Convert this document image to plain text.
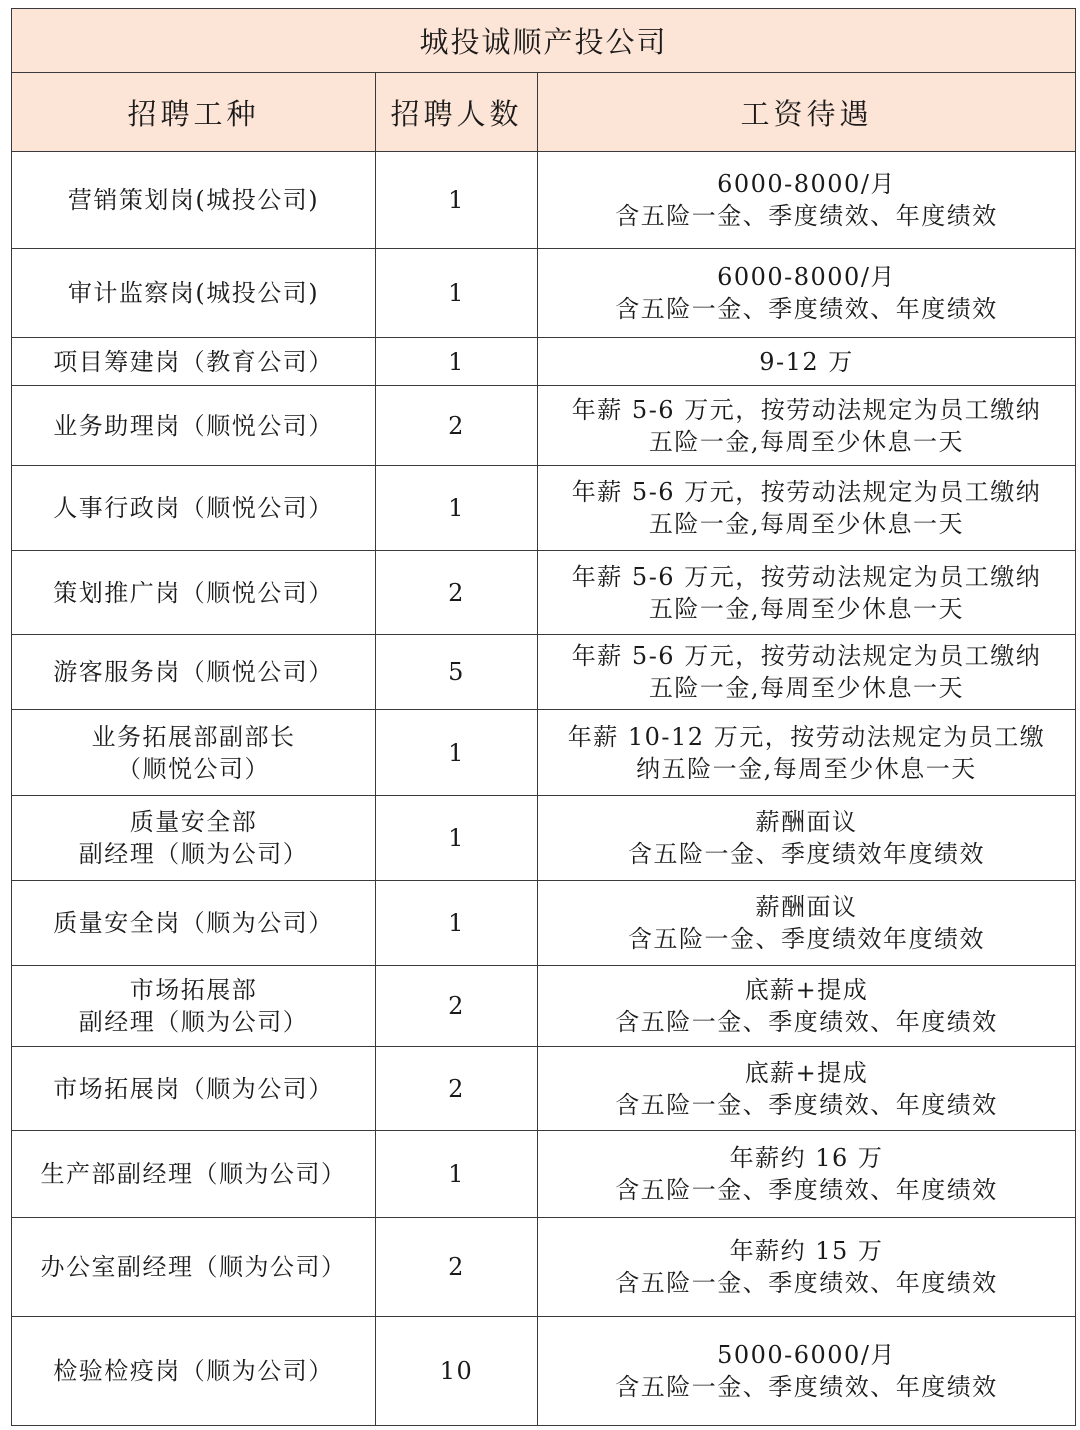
城投诚顺产投公司		
招聘工种	招聘人数	工资待遇

营销策划岗(城投公司)	1	6000-8000/月
含五险一金、季度绩效、年度绩效

审计监察岗(城投公司)	1	6000-8000/月
含五险一金、季度绩效、年度绩效

项目筹建岗（教育公司）	1	9-12 万

业务助理岗（顺悦公司）	2	年薪 5-6 万元，按劳动法规定为员工缴纳
五险一金,每周至少休息一天

人事行政岗（顺悦公司）	1	年薪 5-6 万元，按劳动法规定为员工缴纳
五险一金,每周至少休息一天

策划推广岗（顺悦公司）	2	年薪 5-6 万元，按劳动法规定为员工缴纳
五险一金,每周至少休息一天

游客服务岗（顺悦公司）	5	年薪 5-6 万元，按劳动法规定为员工缴纳
五险一金,每周至少休息一天

业务拓展部副部长
（顺悦公司）	1	年薪 10-12 万元，按劳动法规定为员工缴
纳五险一金,每周至少休息一天

质量安全部
副经理（顺为公司）	1	薪酬面议
含五险一金、季度绩效年度绩效

质量安全岗（顺为公司）	1	薪酬面议
含五险一金、季度绩效年度绩效

市场拓展部
副经理（顺为公司）	2	底薪+提成
含五险一金、季度绩效、年度绩效

市场拓展岗（顺为公司）	2	底薪+提成
含五险一金、季度绩效、年度绩效

生产部副经理（顺为公司）	1	年薪约 16 万
含五险一金、季度绩效、年度绩效

办公室副经理（顺为公司）	2	年薪约 15 万
含五险一金、季度绩效、年度绩效

检验检疫岗（顺为公司）	10	5000-6000/月
含五险一金、季度绩效、年度绩效
